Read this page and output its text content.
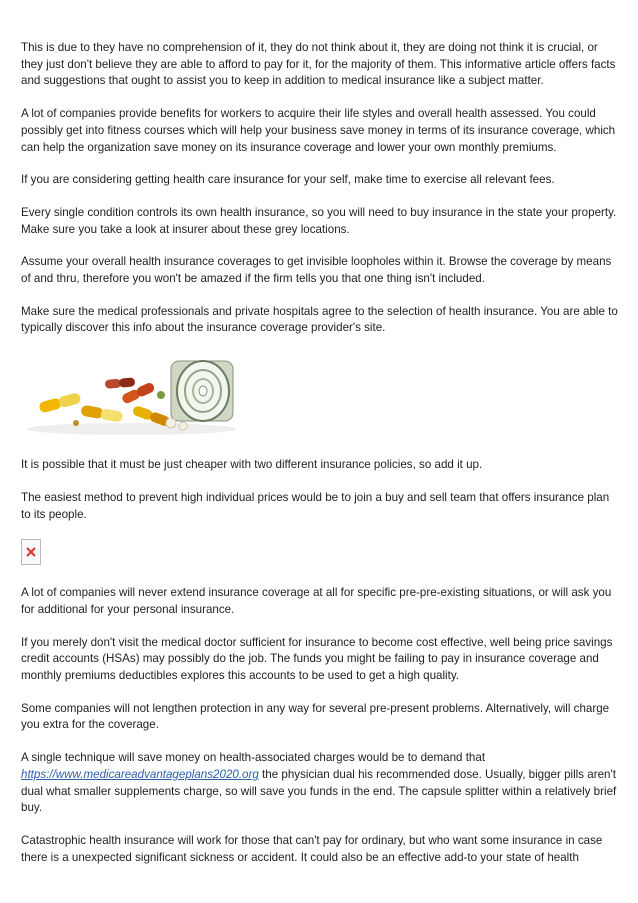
This is due to they have no comprehension of it, they do not think about it, they are doing not think it is crucial, or they just don't believe they are able to afford to pay for it, for the majority of them. This informative article offers facts and suggestions that ought to assist you to keep in addition to medical insurance like a subject matter.

A lot of companies provide benefits for workers to acquire their life styles and overall health assessed. You could possibly get into fitness courses which will help your business save money in terms of its insurance coverage, which can help the organization save money on its insurance coverage and lower your own monthly premiums.

If you are considering getting health care insurance for your self, make time to exercise all relevant fees.

Every single condition controls its own health insurance, so you will need to buy insurance in the state your property. Make sure you take a look at insurer about these grey locations.

Assume your overall health insurance coverages to get invisible loopholes within it. Browse the coverage by means of and thru, therefore you won't be amazed if the firm tells you that one thing isn't included.

Make sure the medical professionals and private hospitals agree to the selection of health insurance. You are able to typically discover this info about the insurance coverage provider's site.

It is possible that it must be just cheaper with two different insurance policies, so add it up.

The easiest method to prevent high individual prices would be to join a buy and sell team that offers insurance plan to its people.

A lot of companies will never extend insurance coverage at all for specific pre-pre-existing situations, or will ask you for additional for your personal insurance.

If you merely don't visit the medical doctor sufficient for insurance to become cost effective, well being price savings credit accounts (HSAs) may possibly do the job. The funds you might be failing to pay in insurance coverage and monthly premiums deductibles explores this accounts to be used to get a high quality.

Some companies will not lengthen protection in any way for several pre-present problems. Alternatively, will charge you extra for the coverage.

A single technique will save money on health-associated charges would be to demand that https://www.medicareadvantageplans2020.org the physician dual his recommended dose. Usually, bigger pills aren't dual what smaller supplements charge, so will save you funds in the end. The capsule splitter within a relatively brief buy.

Catastrophic health insurance will work for those that can't pay for ordinary, but who want some insurance in case there is a unexpected significant sickness or accident. It could also be an effective add-to your state of health
